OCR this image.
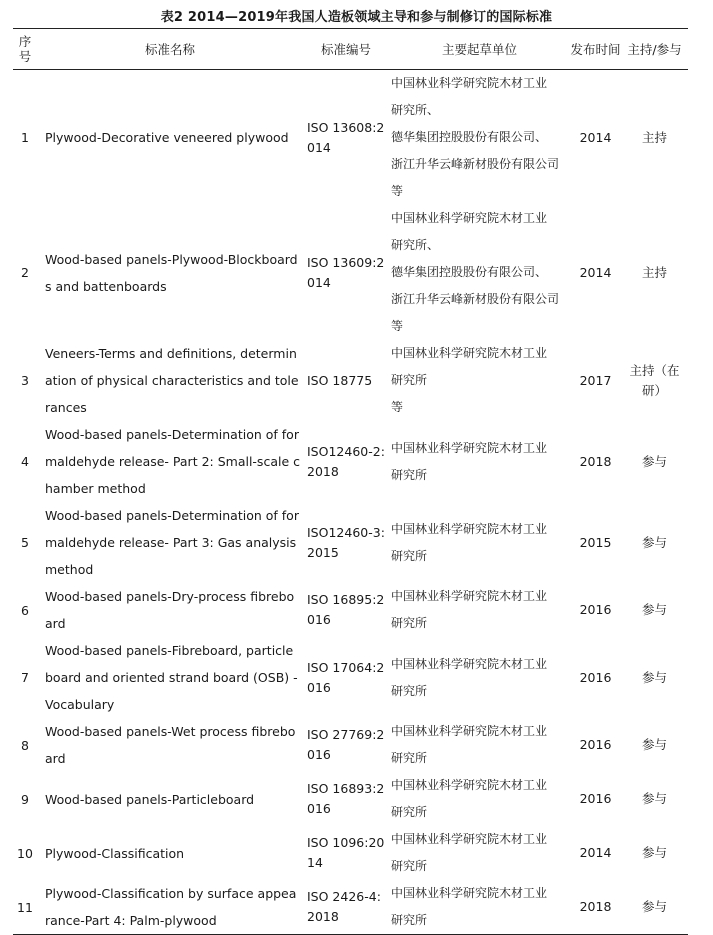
表2 2014—2019年我国人造板领域主导和参与制修订的国际标准
序号	标准名称	标准编号	主要起草单位	发布时间	主持/参与
1	Plywood-Decorative veneered plywood	ISO 13608:2014	中国林业科学研究院木材工业
研究所、
德华集团控股股份有限公司、
浙江升华云峰新材股份有限公司
等	2014	主持
2	Wood-based panels-Plywood-Blockboards and battenboards	ISO 13609:2014	中国林业科学研究院木材工业
研究所、
德华集团控股股份有限公司、
浙江升华云峰新材股份有限公司
等	2014	主持
3	Veneers-Terms and definitions, determination of physical characteristics and tolerances	ISO 18775	中国林业科学研究院木材工业
研究所
等	2017	主持（在研）
4	Wood-based panels-Determination of formaldehyde release- Part 2: Small-scale chamber method	ISO12460-2:2018	中国林业科学研究院木材工业
研究所	2018	参与
5	Wood-based panels-Determination of formaldehyde release- Part 3: Gas analysis method	ISO12460-3:2015	中国林业科学研究院木材工业
研究所	2015	参与
6	Wood-based panels-Dry-process fibreboard	ISO 16895:2016	中国林业科学研究院木材工业
研究所	2016	参与
7	Wood-based panels-Fibreboard, particleboard and oriented strand board (OSB) -Vocabulary	ISO 17064:2016	中国林业科学研究院木材工业
研究所	2016	参与
8	Wood-based panels-Wet process fibreboard	ISO 27769:2016	中国林业科学研究院木材工业
研究所	2016	参与
9	Wood-based panels-Particleboard	ISO 16893:2016	中国林业科学研究院木材工业
研究所	2016	参与
10	Plywood-Classification	ISO 1096:2014	中国林业科学研究院木材工业
研究所	2014	参与
11	Plywood-Classification by surface appearance-Part 4: Palm-plywood	ISO 2426-4:2018	中国林业科学研究院木材工业
研究所	2018	参与
